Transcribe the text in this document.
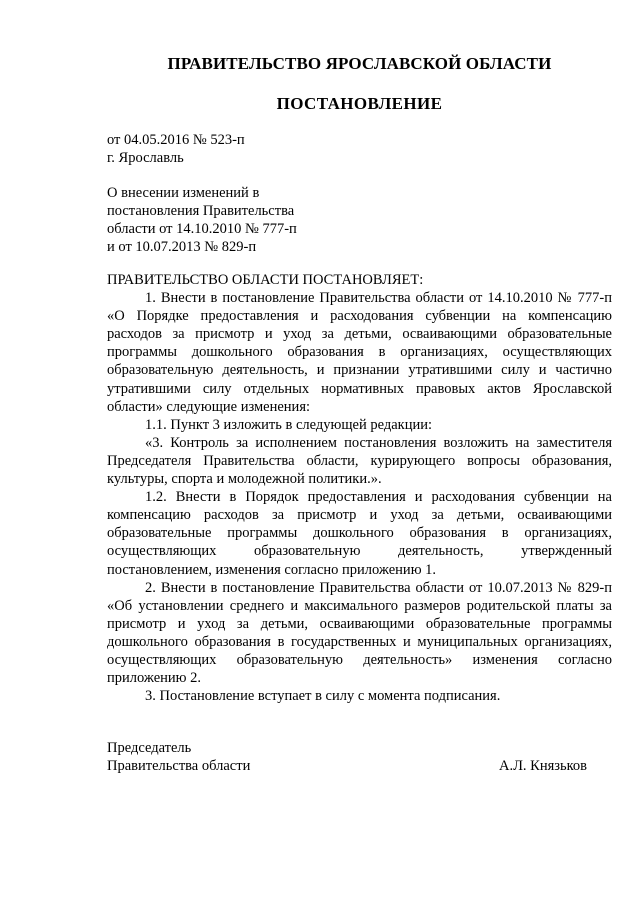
ПРАВИТЕЛЬСТВО ЯРОСЛАВСКОЙ ОБЛАСТИ
ПОСТАНОВЛЕНИЕ
от 04.05.2016 № 523-п
г. Ярославль
О внесении изменений в
постановления Правительства
области от 14.10.2010 № 777-п
и от 10.07.2013 № 829-п

ПРАВИТЕЛЬСТВО ОБЛАСТИ ПОСТАНОВЛЯЕТ:

1. Внести в постановление Правительства области от 14.10.2010 № 777-п «О Порядке предоставления и расходования субвенции на компенсацию расходов за присмотр и уход за детьми, осваивающими образовательные программы дошкольного образования в организациях, осуществляющих образовательную деятельность, и признании утратившими силу и частично утратившими силу отдельных нормативных правовых актов Ярославской области» следующие изменения:

1.1. Пункт 3 изложить в следующей редакции:

«3. Контроль за исполнением постановления возложить на заместителя Председателя Правительства области, курирующего вопросы образования, культуры, спорта и молодежной политики.».

1.2. Внести в Порядок предоставления и расходования субвенции на компенсацию расходов за присмотр и уход за детьми, осваивающими образовательные программы дошкольного образования в организациях, осуществляющих образовательную деятельность, утвержденный постановлением, изменения согласно приложению 1.

2. Внести в постановление Правительства области от 10.07.2013 № 829-п «Об установлении среднего и максимального размеров родительской платы за присмотр и уход за детьми, осваивающими образовательные программы дошкольного образования в государственных и муниципальных организациях, осуществляющих образовательную деятельность» изменения согласно приложению 2.

3. Постановление вступает в силу с момента подписания.

Председатель
Правительства области	А.Л. Князьков
